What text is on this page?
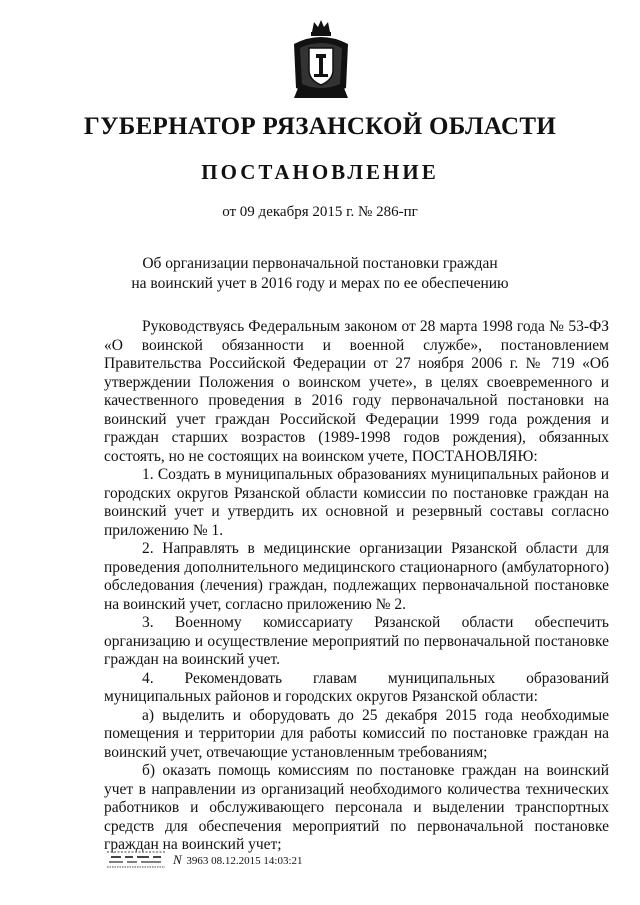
ГУБЕРНАТОР РЯЗАНСКОЙ ОБЛАСТИ
ПОСТАНОВЛЕНИЕ
от 09 декабря 2015 г. № 286-пг
Об организации первоначальной постановки граждан
на воинский учет в 2016 году и мерах по ее обеспечению

Руководствуясь Федеральным законом от 28 марта 1998 года № 53-ФЗ «О воинской обязанности и военной службе», постановлением Правительства Российской Федерации от 27 ноября 2006 г. № 719 «Об утверждении Положения о воинском учете», в целях своевременного и качественного проведения в 2016 году первоначальной постановки на воинский учет граждан Российской Федерации 1999 года рождения и граждан старших возрастов (1989-1998 годов рождения), обязанных состоять, но не состоящих на воинском учете, ПОСТАНОВЛЯЮ:

1. Создать в муниципальных образованиях муниципальных районов и городских округов Рязанской области комиссии по постановке граждан на воинский учет и утвердить их основной и резервный составы согласно приложению № 1.

2. Направлять в медицинские организации Рязанской области для проведения дополнительного медицинского стационарного (амбулаторного) обследования (лечения) граждан, подлежащих первоначальной постановке на воинский учет, согласно приложению № 2.

3. Военному комиссариату Рязанской области обеспечить организацию и осуществление мероприятий по первоначальной постановке граждан на воинский учет.

4. Рекомендовать главам муниципальных образований муниципальных районов и городских округов Рязанской области:

а) выделить и оборудовать до 25 декабря 2015 года необходимые помещения и территории для работы комиссий по постановке граждан на воинский учет, отвечающие установленным требованиям;

б) оказать помощь комиссиям по постановке граждан на воинский учет в направлении из организаций необходимого количества технических работников и обслуживающего персонала и выделении транспортных средств для обеспечения мероприятий по первоначальной постановке граждан на воинский учет;

N 3963 08.12.2015 14:03:21
